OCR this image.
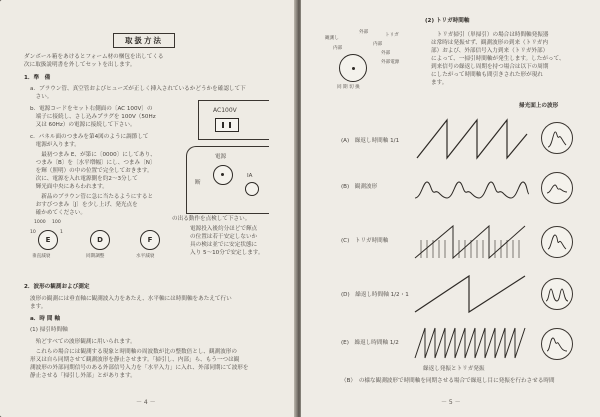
取扱方法
ダンボール箱をあけるとフォーム材の梱包を出してくる
次に取扱説明書を外してセットを出します。
1．準　備
a．ブラウン管、真空管およびヒューズが正しく挿入されているかどうかを確認して下
　さい。
b．電源コードをセット右側面の〔AC 100V〕の
　端子に接続し、さし込みプラグを 100V（50Hz
　又は 60Hz）の電源に接続して下さい。
c．パネル面のつまみを第4図のように調節して
　電源が入ります。
　　最初つまみ E、が第に〔0000〕にしてあり、
　つまみ〔B〕を〔水平増幅〕にし、つまみ〔N〕
　を輝（照明）の中の位置で完全しておきます。
　次に、電源を入れ電源側を約2〜3分して
　輝光面中央にあらわれます。
　　新品のブラウン管に急に当たるようにすると
　おすびつまみ〔J〕を少し上げ、発光点を
　確かめてください。
AC100V
電源
断
IA
の出る動作を点検して下さい。
電源投入後約分ほどで輝点
の位置は若干安定しないか
具の検は並でに安定状態に
入り 5〜10分で安定します。
1000 100
10	1
E	D	F
垂直減衰	同期調整	水平減衰
2．波形の観測および測定
波形の観測には垂直軸に観測波入力をあたえ、水平軸には時間軸をあたえて行い
ます。
a．時 間 軸
(1) 掃引時間軸
　殆どすべての波形観測に用いられます。
　これらの場合には観測する現象と時間軸の周波数が比の整数倍とし、観測波形の
形又は自ら同期させて観測波形を静止させます。「掃引し、内部」ら、もう一つは観
測波形の外部同期信号のある外部信号入力を「水平入力」に入れ、外部同期にて波形を
静止させる「掃引し外部」とがあります。
－ 4 －
(2) トリガ時間軸
観測し
内部
外部
内部
トリガ
外部
外部電源
同 期 切 換
　トリガ掃引（単掃引）の場合は時間軸発振器
は常時は発振せず、観測波形の到来（トリガ内
部）および、外部信号入力到来（トリガ外部）
によって、一掃引時間軸が発生します。したがって、
到来信号の繰返し周期を持つ場合は以下の周期
にしたがって時間軸も間引きされた形が現れ
ます。
掃光面上の波形
(A)　繰返し時間軸 1/1
(B)　観測波形
(C)　トリガ時間軸
(D)　繰返し時間軸 1/2・1
(E)　繰返し時間軸 1/2
繰返し発振とトリガ発振
（B）　の様な観測波形で時間軸を同期させる場合で繰返し目に発振を行わさせる時間
－ 5 －
